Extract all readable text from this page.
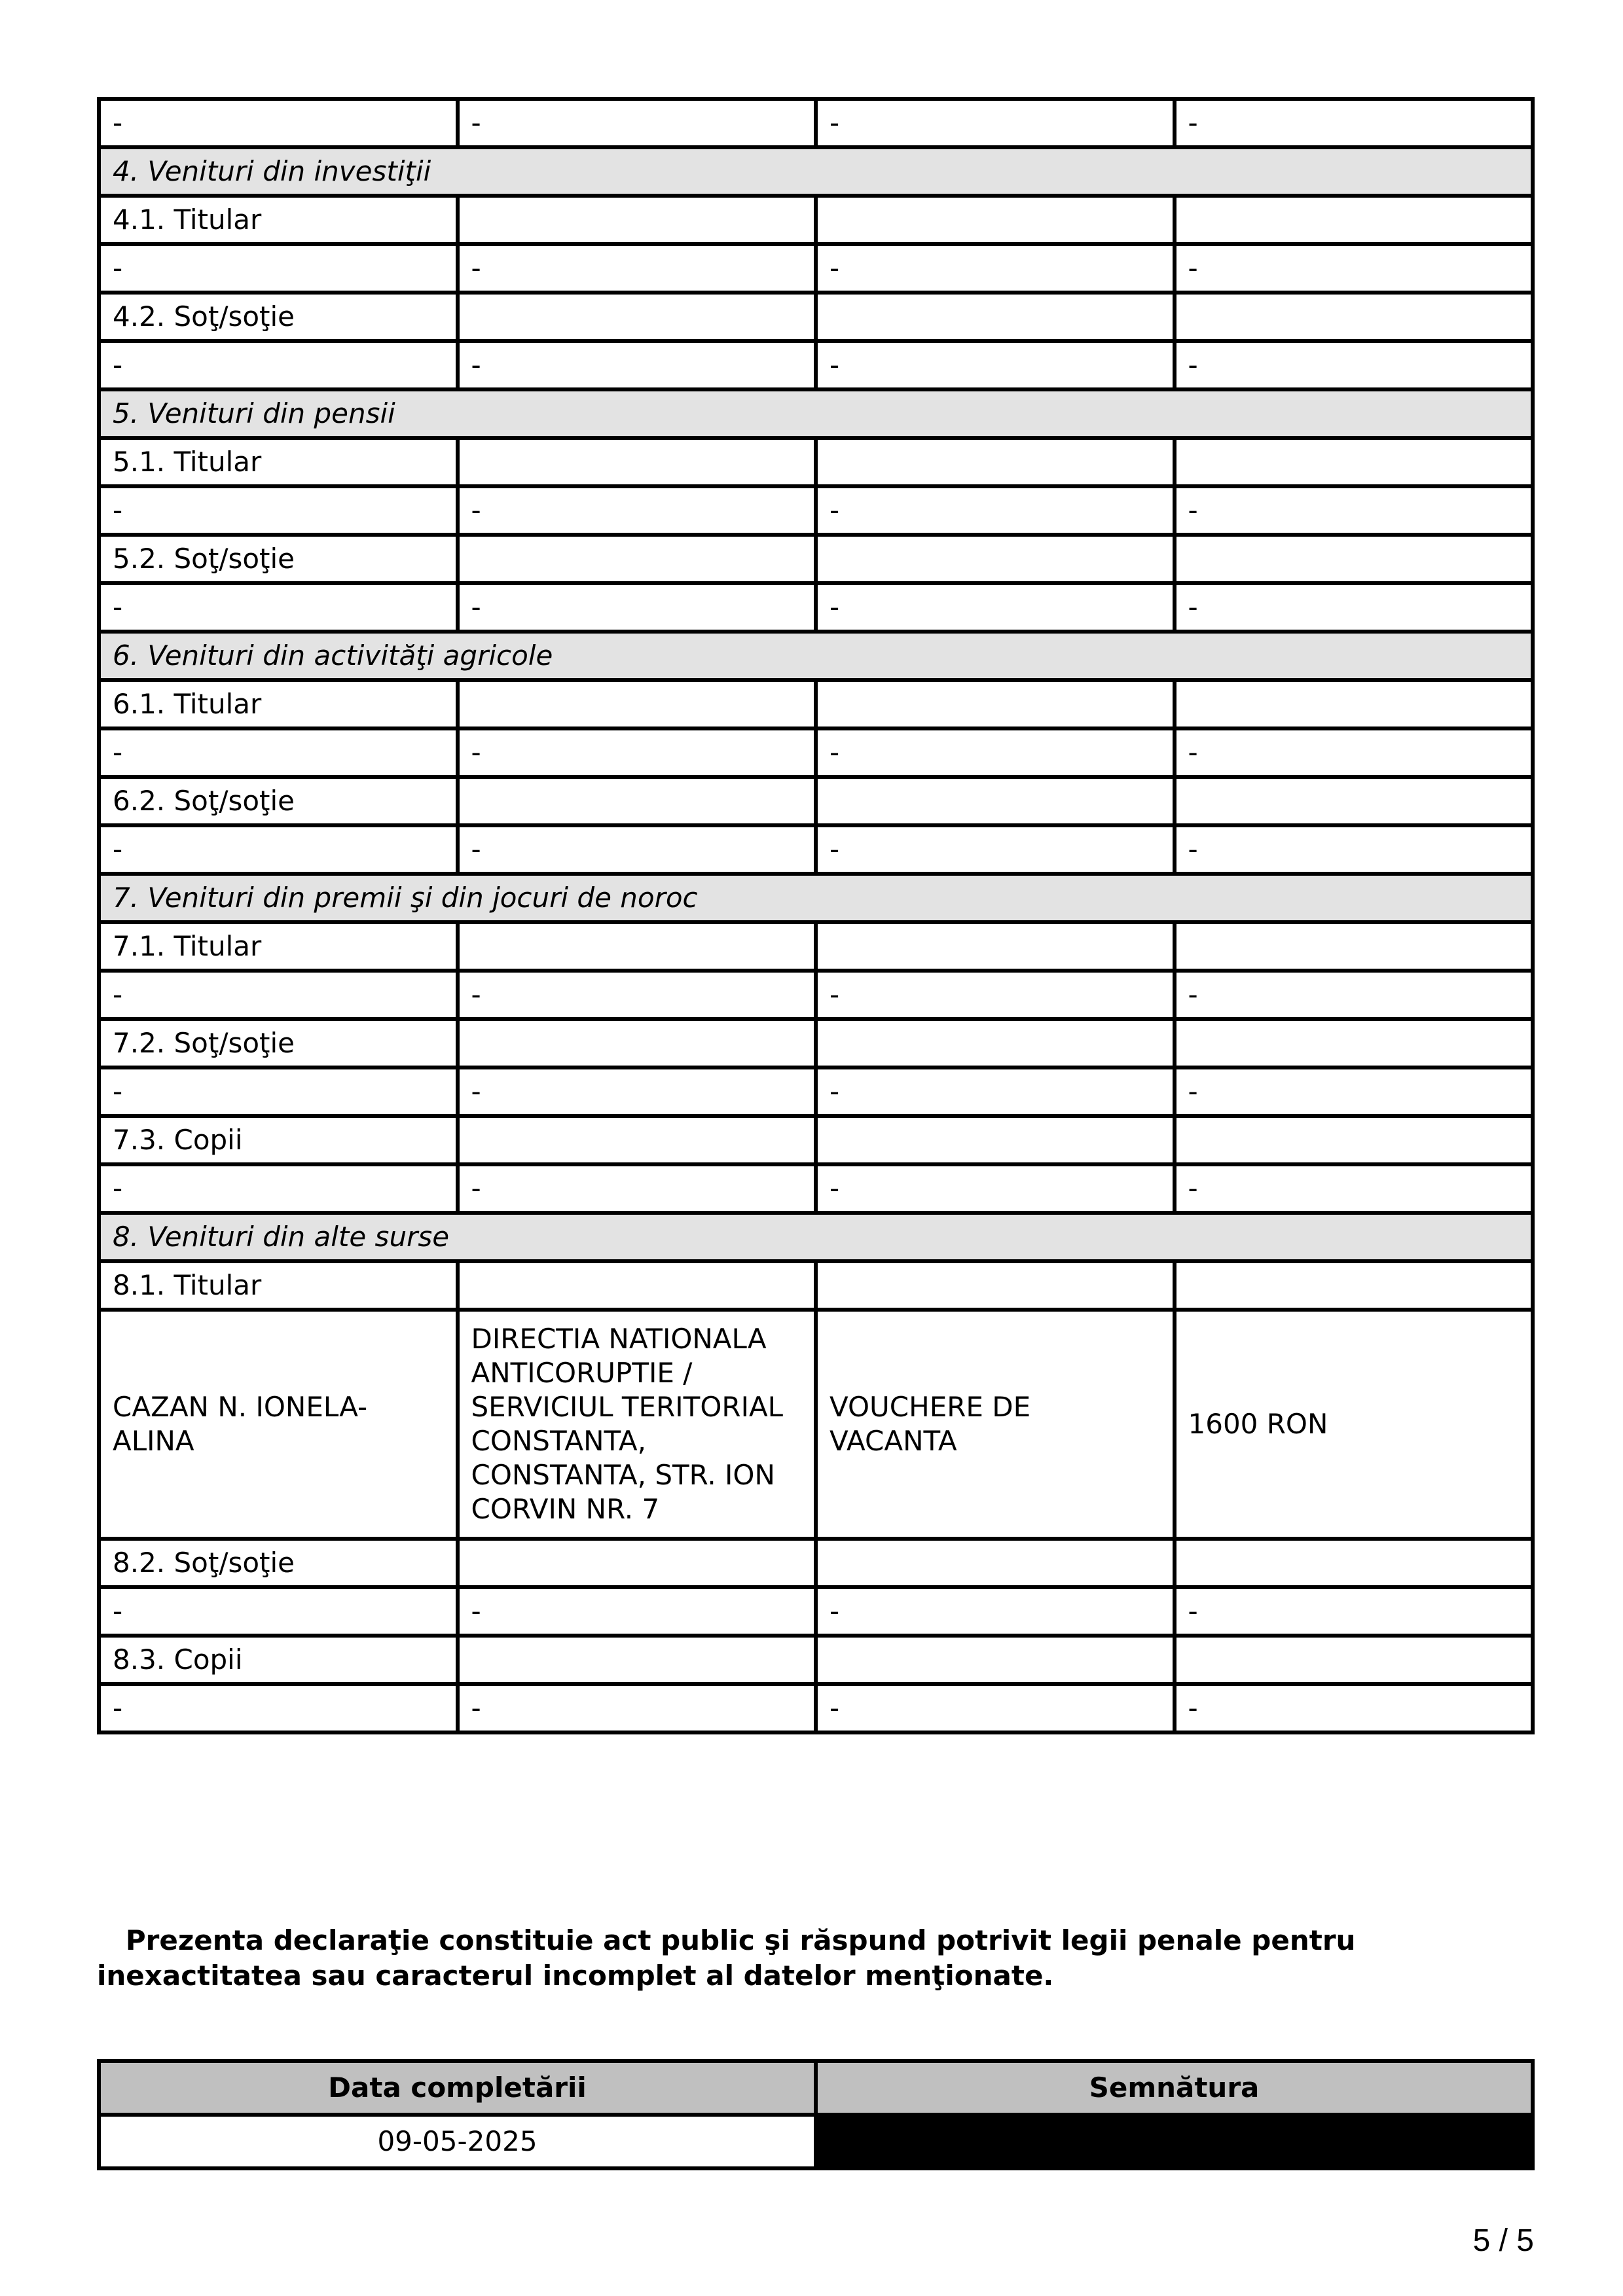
-	-	-	-
4. Venituri din investiţii			
4.1. Titular			
-	-	-	-
4.2. Soţ/soţie			
-	-	-	-
5. Venituri din pensii			
5.1. Titular			
-	-	-	-
5.2. Soţ/soţie			
-	-	-	-
6. Venituri din activităţi agricole			
6.1. Titular			
-	-	-	-
6.2. Soţ/soţie			
-	-	-	-
7. Venituri din premii şi din jocuri de noroc			
7.1. Titular			
-	-	-	-
7.2. Soţ/soţie			
-	-	-	-
7.3. Copii			
-	-	-	-
8. Venituri din alte surse			
8.1. Titular			
CAZAN N. IONELA-ALINA	DIRECTIA NATIONALA ANTICORUPTIE / SERVICIUL TERITORIAL CONSTANTA, CONSTANTA, STR. ION CORVIN NR. 7	VOUCHERE DE VACANTA	1600 RON
8.2. Soţ/soţie			
-	-	-	-
8.3. Copii			
-	-	-	-
Prezenta declaraţie constituie act public şi răspund potrivit legii penale pentru inexactitatea sau caracterul incomplet al datelor menţionate.
Data completării	Semnătura
09-05-2025	
5 / 5
